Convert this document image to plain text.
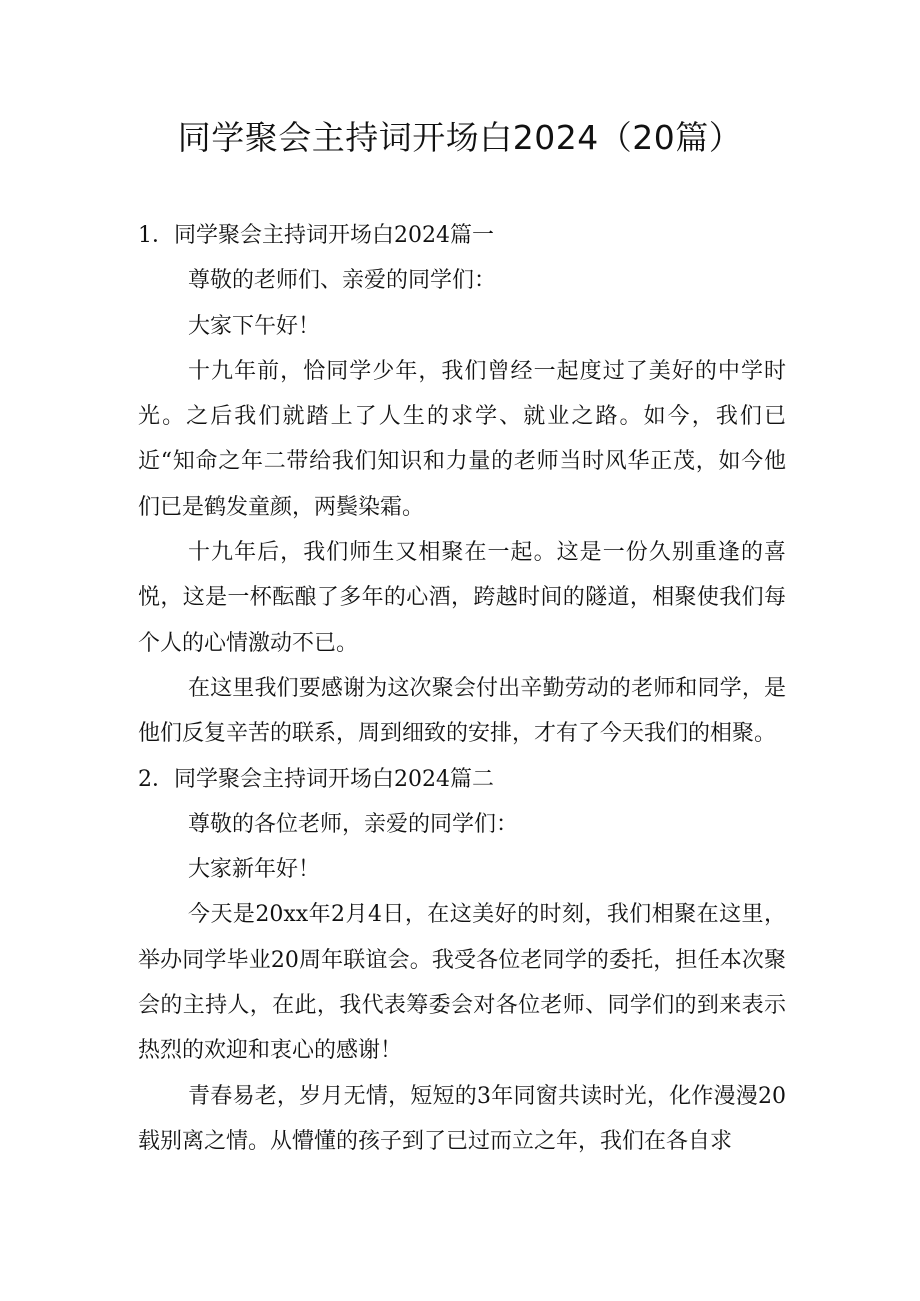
同学聚会主持词开场白2024（20篇）

1．同学聚会主持词开场白2024篇一

尊敬的老师们、亲爱的同学们：

大家下午好！

十九年前，恰同学少年，我们曾经一起度过了美好的中学时光。之后我们就踏上了人生的求学、就业之路。如今，我们已近“知命之年二带给我们知识和力量的老师当时风华正茂，如今他们已是鹤发童颜，两鬓染霜。

十九年后，我们师生又相聚在一起。这是一份久别重逢的喜悦，这是一杯酝酿了多年的心酒，跨越时间的隧道，相聚使我们每个人的心情激动不已。

在这里我们要感谢为这次聚会付出辛勤劳动的老师和同学，是他们反复辛苦的联系，周到细致的安排，才有了今天我们的相聚。

2．同学聚会主持词开场白2024篇二

尊敬的各位老师，亲爱的同学们：

大家新年好！

今天是20xx年2月4日，在这美好的时刻，我们相聚在这里，举办同学毕业20周年联谊会。我受各位老同学的委托，担任本次聚会的主持人，在此，我代表筹委会对各位老师、同学们的到来表示热烈的欢迎和衷心的感谢！

青春易老，岁月无情，短短的3年同窗共读时光，化作漫漫20载别离之情。从懵懂的孩子到了已过而立之年，我们在各自求
